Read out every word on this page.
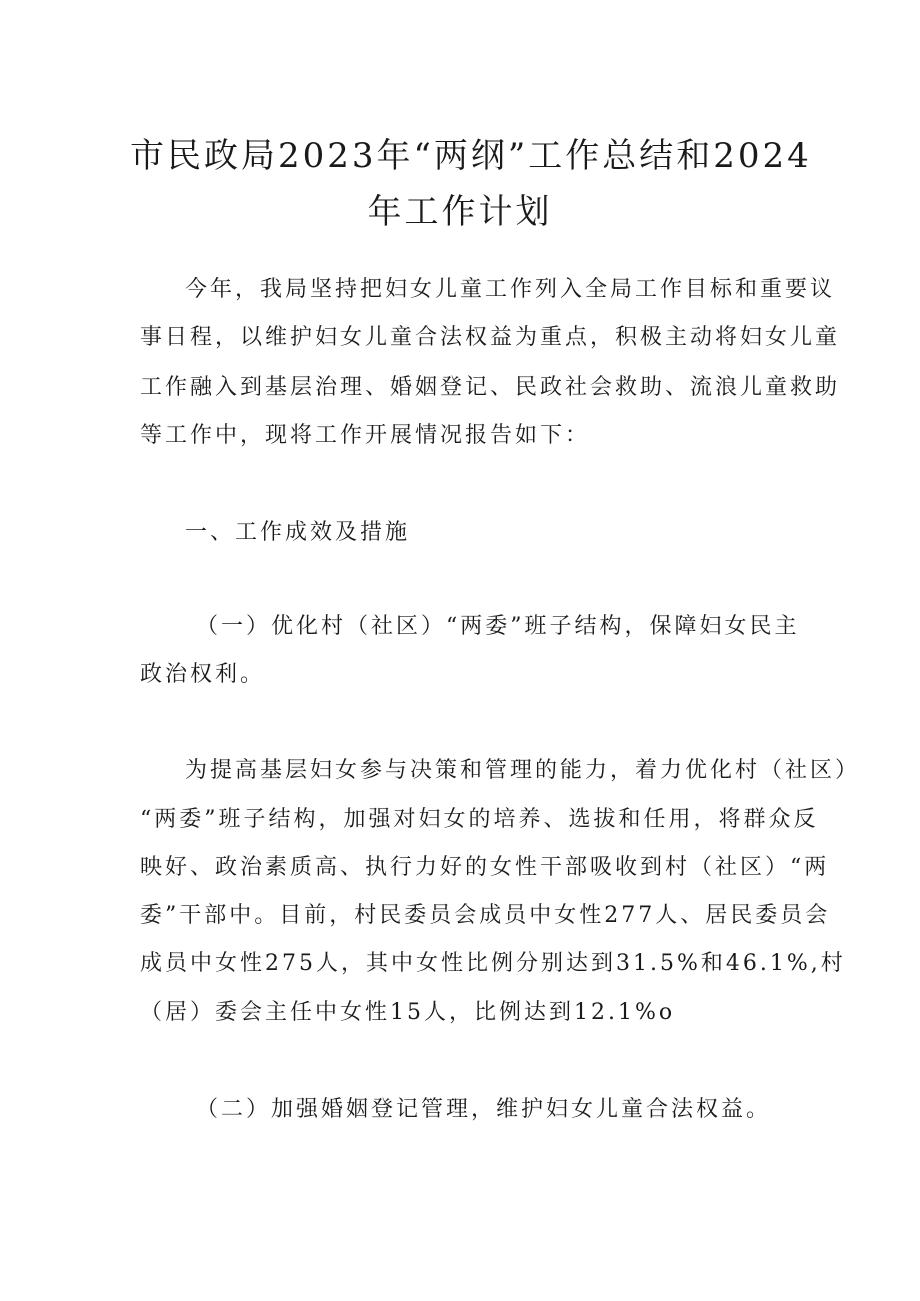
市民政局2023年“两纲”工作总结和2024
年工作计划
今年，我局坚持把妇女儿童工作列入全局工作目标和重要议
事日程，以维护妇女儿童合法权益为重点，积极主动将妇女儿童
工作融入到基层治理、婚姻登记、民政社会救助、流浪儿童救助
等工作中，现将工作开展情况报告如下：
一、工作成效及措施
（一）优化村（社区）“两委”班子结构，保障妇女民主
政治权利。
为提高基层妇女参与决策和管理的能力，着力优化村（社区）
“两委”班子结构，加强对妇女的培养、选拔和任用，将群众反
映好、政治素质高、执行力好的女性干部吸收到村（社区）“两
委”干部中。目前，村民委员会成员中女性277人、居民委员会
成员中女性275人，其中女性比例分别达到31.5%和46.1%,村
（居）委会主任中女性15人，比例达到12.1%o
（二）加强婚姻登记管理，维护妇女儿童合法权益。
